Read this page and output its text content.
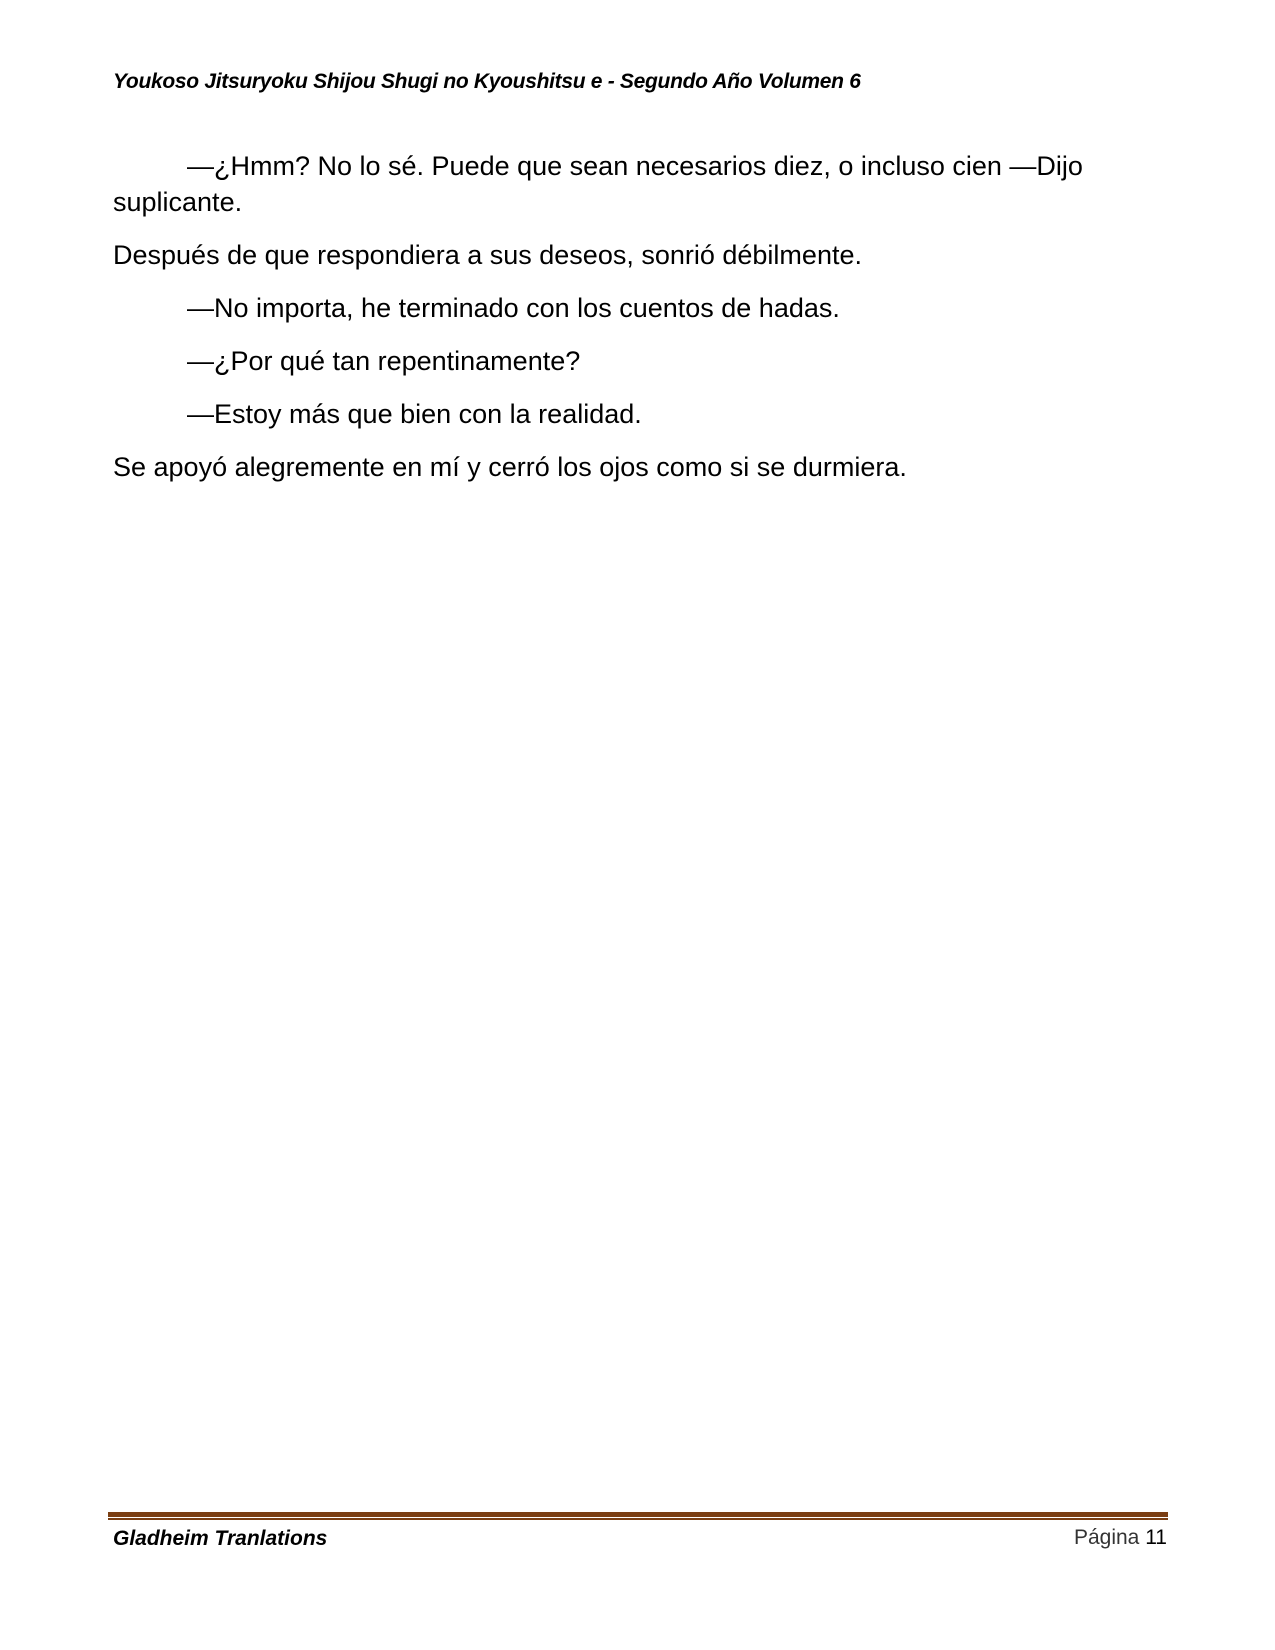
Youkoso Jitsuryoku Shijou Shugi no Kyoushitsu e - Segundo Año Volumen 6

—¿Hmm? No lo sé. Puede que sean necesarios diez, o incluso cien —Dijo suplicante.

Después de que respondiera a sus deseos, sonrió débilmente.

—No importa, he terminado con los cuentos de hadas.

—¿Por qué tan repentinamente?

—Estoy más que bien con la realidad.

Se apoyó alegremente en mí y cerró los ojos como si se durmiera.

Gladheim Tranlations	Página 11
